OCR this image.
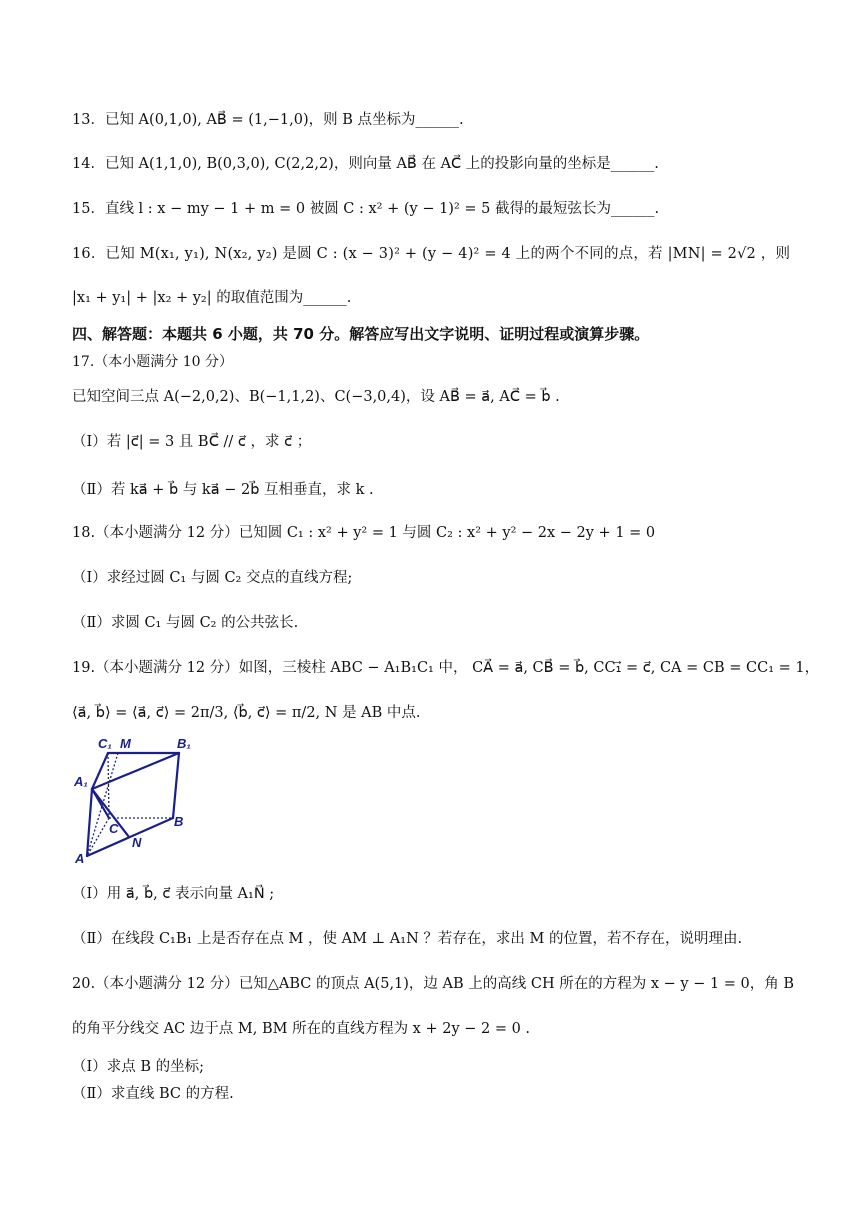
13．已知 A(0,1,0), AB⃗ = (1,−1,0)，则 B 点坐标为______.
14．已知 A(1,1,0), B(0,3,0), C(2,2,2)，则向量 AB⃗ 在 AC⃗ 上的投影向量的坐标是______.
15．直线 l : x − my − 1 + m = 0 被圆 C : x² + (y − 1)² = 5 截得的最短弦长为______.
16．已知 M(x₁, y₁), N(x₂, y₂) 是圆 C : (x − 3)² + (y − 4)² = 4 上的两个不同的点，若 |MN| = 2√2 ，则
|x₁ + y₁| + |x₂ + y₂| 的取值范围为______.
四、解答题：本题共 6 小题，共 70 分。解答应写出文字说明、证明过程或演算步骤。
17.（本小题满分 10 分）
已知空间三点 A(−2,0,2)、B(−1,1,2)、C(−3,0,4)，设 AB⃗ = a⃗, AC⃗ = b⃗ .
（Ⅰ）若 |c⃗| = 3 且 BC⃗ // c⃗ ，求 c⃗ ；
（Ⅱ）若 ka⃗ + b⃗ 与 ka⃗ − 2b⃗ 互相垂直，求 k .
18.（本小题满分 12 分）已知圆 C₁ : x² + y² = 1 与圆 C₂ : x² + y² − 2x − 2y + 1 = 0
（Ⅰ）求经过圆 C₁ 与圆 C₂ 交点的直线方程;
（Ⅱ）求圆 C₁ 与圆 C₂ 的公共弦长.
19.（本小题满分 12 分）如图，三棱柱 ABC − A₁B₁C₁ 中， CA⃗ = a⃗, CB⃗ = b⃗, CC₁⃗ = c⃗, CA = CB = CC₁ = 1，
⟨a⃗, b⃗⟩ = ⟨a⃗, c⃗⟩ = 2π/3, ⟨b⃗, c⃗⟩ = π/2, N 是 AB 中点.
C₁ M	B₁
A₁
C	B
N
A
（Ⅰ）用 a⃗, b⃗, c⃗ 表示向量 A₁N⃗ ;
（Ⅱ）在线段 C₁B₁ 上是否存在点 M ，使 AM ⊥ A₁N ？若存在，求出 M 的位置，若不存在，说明理由.
20.（本小题满分 12 分）已知△ABC 的顶点 A(5,1)，边 AB 上的高线 CH 所在的方程为 x − y − 1 = 0，角 B
的角平分线交 AC 边于点 M, BM 所在的直线方程为 x + 2y − 2 = 0 .
（Ⅰ）求点 B 的坐标;
（Ⅱ）求直线 BC 的方程.
